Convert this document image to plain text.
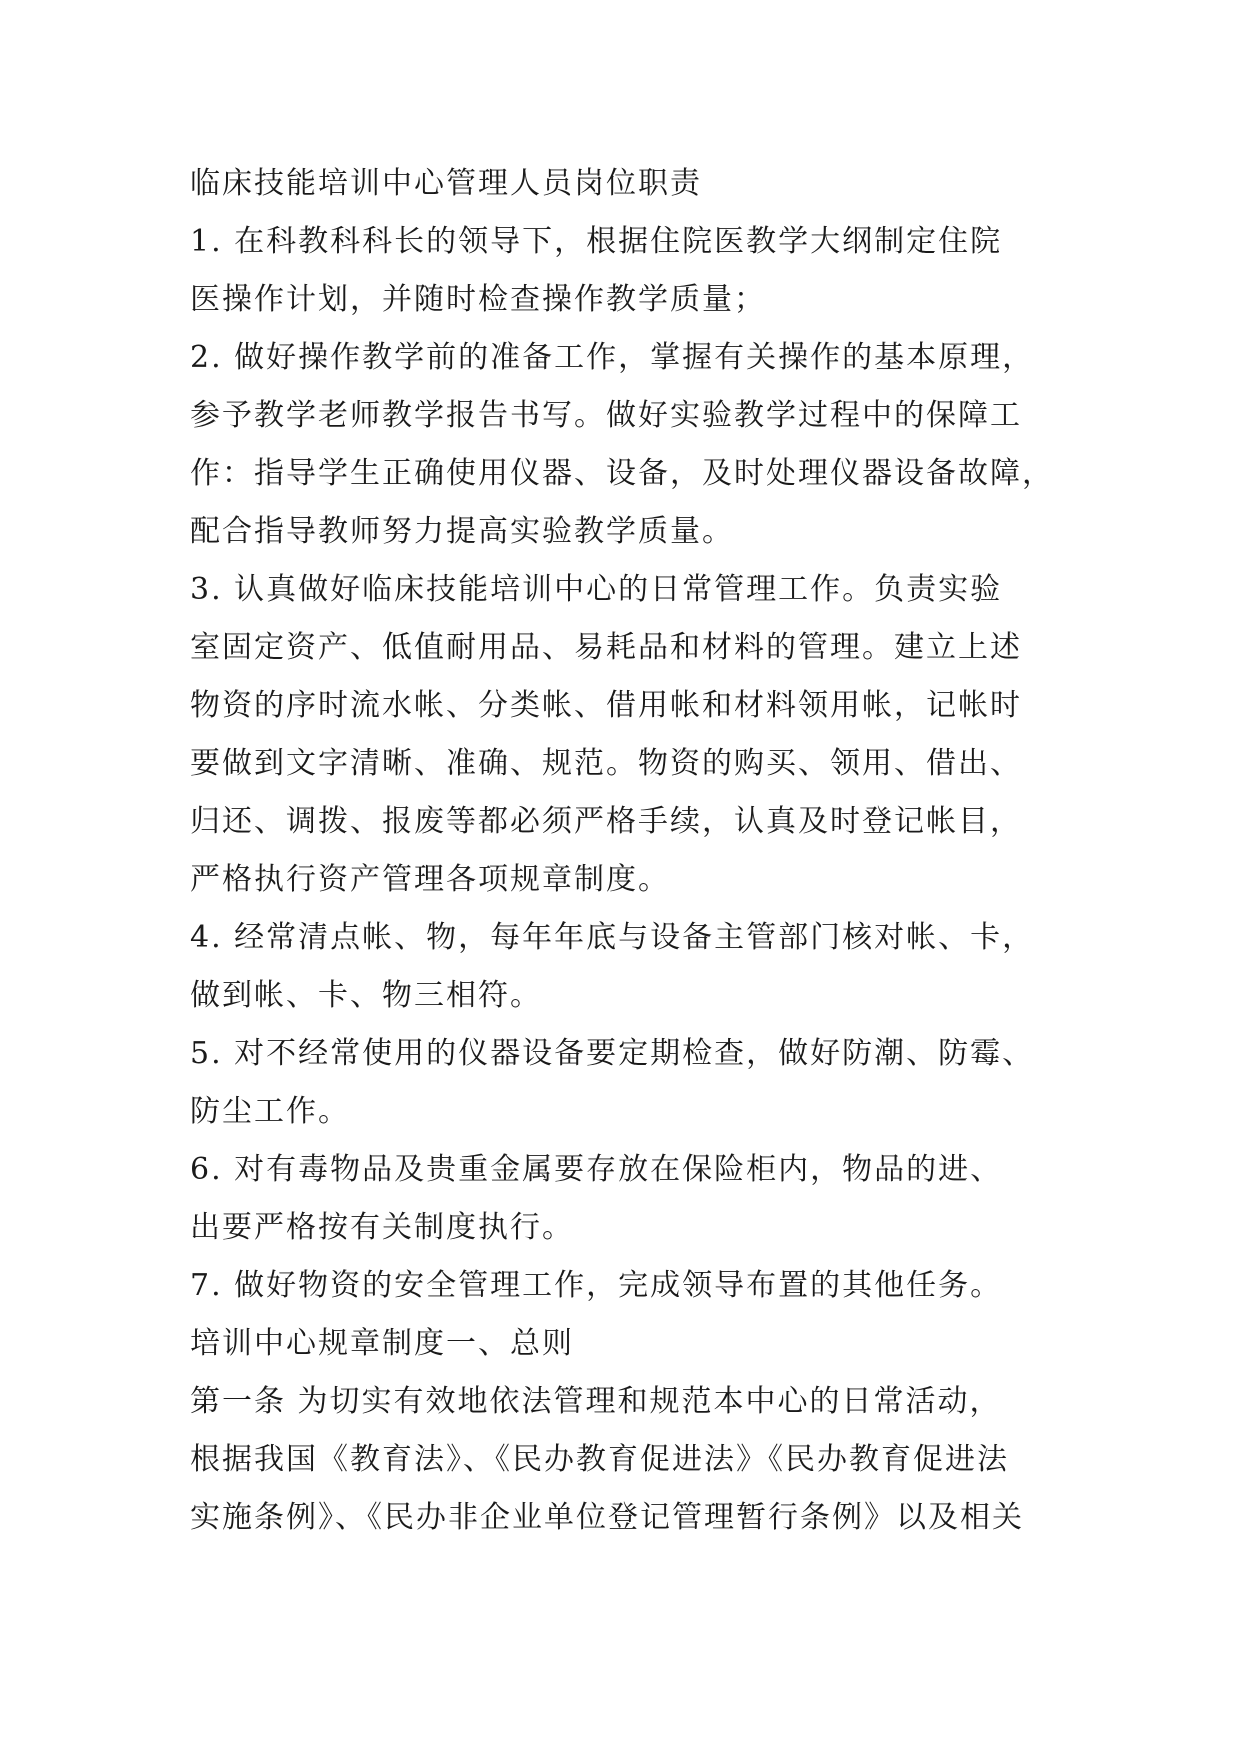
临床技能培训中心管理人员岗位职责
1. 在科教科科长的领导下，根据住院医教学大纲制定住院
医操作计划，并随时检查操作教学质量；
2. 做好操作教学前的准备工作，掌握有关操作的基本原理，
参予教学老师教学报告书写。做好实验教学过程中的保障工
作：指导学生正确使用仪器、设备，及时处理仪器设备故障，
配合指导教师努力提高实验教学质量。
3. 认真做好临床技能培训中心的日常管理工作。负责实验
室固定资产、低值耐用品、易耗品和材料的管理。建立上述
物资的序时流水帐、分类帐、借用帐和材料领用帐，记帐时
要做到文字清晰、准确、规范。物资的购买、领用、借出、
归还、调拨、报废等都必须严格手续，认真及时登记帐目，
严格执行资产管理各项规章制度。
4. 经常清点帐、物，每年年底与设备主管部门核对帐、卡，
做到帐、卡、物三相符。
5. 对不经常使用的仪器设备要定期检查，做好防潮、防霉、
防尘工作。
6. 对有毒物品及贵重金属要存放在保险柜内，物品的进、
出要严格按有关制度执行。
7. 做好物资的安全管理工作，完成领导布置的其他任务。
培训中心规章制度一、总则
第一条 为切实有效地依法管理和规范本中心的日常活动，
根据我国《教育法》、《民办教育促进法》《民办教育促进法
实施条例》、《民办非企业单位登记管理暂行条例》以及相关
